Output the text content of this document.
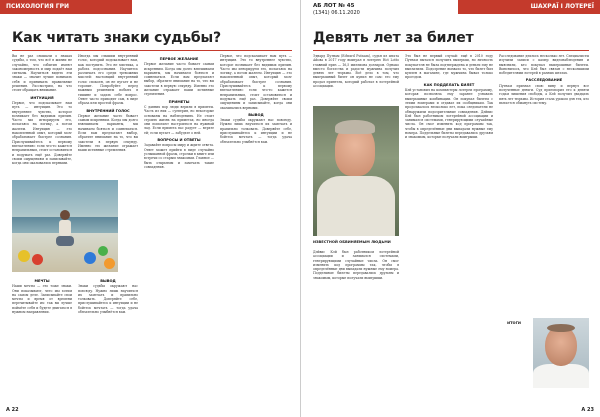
ПСИХОЛОГИЯ ГРИ
Как читать знаки судьбы?
Вы не раз слышали о знаках судьбы, о том, что всё в жизни не случайно, что события имеют закономерность и мир подаёт нам сигналы. Научиться видеть эти знаки — значит лучше понимать себя и принимать правильные решения. Рассмотрим, на что стоит обращать внимание.
ИНТУИЦИЯ
Первое, что подсказывает нам путь — интуиция. Это то внутреннее чувство, которое возникает без видимых причин. Часто мы игнорируем его, полагаясь на логику, а потом жалеем. Интуиция — это накопленный опыт, который мозг обрабатывает быстрее сознания. Прислушивайтесь к первому впечатлению: если что-то кажется неправильным, стоит остановиться и подумать ещё раз. Доверяйте своим ощущениям и записывайте, когда они оказывались верными.
Иногда мы слышим внутренний голос, который подсказывает нам, как поступить. Это не мистика, а работа подсознания. Научитесь различать его среди тревожных мыслей: настоящий внутренний голос спокоен, он не пугает и не торопит. Попробуйте перед важным решением побыть в тишине и задать себе вопрос. Ответ часто приходит сам, в виде образа или простой фразы.
ВНУТРЕННИЙ ГОЛОС
Первое желание часто бывает самым искренним. Когда мы долго взвешиваем варианты, мы начинаем бояться и сомневаться. Если вам предлагают выбор, обратите внимание на то, что вы захотели в первую секунду. Именно это желание отражает ваши истинные стремления.
МЕЧТЫ
Наши мечты — это тоже знаки. Они показывают, чего мы хотим на самом деле. Записывайте свои мечты и время от времени перечитывайте их: так вы лучше поймёте себя и будете двигаться в нужном направлении.
ВЫВОД
Знаки судьбы окружают нас повсюду. Нужно лишь научиться их замечать и правильно толковать. Доверяйте себе, прислушивайтесь к интуиции и не бойтесь мечтать — тогда удача обязательно улыбнётся вам.
ПЕРВОЕ ЖЕЛАНИЕ
Первое желание часто бывает самым искренним. Когда мы долго взвешиваем варианты, мы начинаем бояться и сомневаться. Если вам предлагают выбор, обратите внимание на то, что вы захотели в первую секунду. Именно это желание отражает ваши истинные стремления.
ПРИМЕТЫ
С давних пор люди верили в приметы. Часть из них — суеверия, но некоторые основаны на наблюдениях. Не стоит строить жизнь на приметах, но иногда они помогают настроиться на нужный лад. Если примета вас радует — верьте ей; если пугает — забудьте о ней.
ВОПРОСЫ И ОТВЕТЫ
Задавайте вопросы миру и ждите ответа. Ответ может прийти в виде случайно услышанной фразы, строчки в книге или встречи со старым знакомым. Главное — быть открытым и замечать такие совпадения.
Первое, что подсказывает нам путь — интуиция. Это то внутреннее чувство, которое возникает без видимых причин. Часто мы игнорируем его, полагаясь на логику, а потом жалеем. Интуиция — это накопленный опыт, который мозг обрабатывает быстрее сознания. Прислушивайтесь к первому впечатлению: если что-то кажется неправильным, стоит остановиться и подумать ещё раз. Доверяйте своим ощущениям и записывайте, когда они оказывались верными.
ВЫВОД
Знаки судьбы окружают нас повсюду. Нужно лишь научиться их замечать и правильно толковать. Доверяйте себе, прислушивайтесь к интуиции и не бойтесь мечтать — тогда удача обязательно улыбнётся вам.
А 22
АБ ЛОТ № 45
(1341) 06.11.2020
ШАХРАЇ І ЛОТЕРЕЇ
Девять лет за билет
Эдвард Путнам (Edward Putnam), судья из штата Айова в 2017 году выиграл в лотерею Hot Lotto главный приз — 16,5 миллиона долларов. Однако вместо богатства и радости мужчина получил девять лет тюрьмы. Всё дело в том, что выигрышный билет он купил не сам: его ему продал приятель, который работал в лотерейной ассоциации.
ИЗВЕСТНОЙ ОБВИНЯЕМЫМ ЛЮДЬМИ
Дэйвис Кэй был работником лотерейной ассоциации и занимался системами, генерирующими случайные числа. Он смог изменить код программы так, чтобы в определённые дни выпадали нужные ему номера. Поддельные билеты передавались друзьям и знакомым, которые получали выигрыши.
Это был не первый случай: ещё в 2010 году Путнам пытался получить выигрыш, но личность покупателя не была подтверждена и деньги ему не выплатили. Подозрение вызвало то, что билет был куплен в магазине, где мужчина бывал только проездом.
КАК ПОДДЕЛАТЬ БИЛЕТ
Кэй установил на компьютеры лотереи программу, которая позволяла ему заранее узнавать выигрышные комбинации. Он покупал билеты с этими номерами и отдавал их сообщникам. Так продолжалось несколько лет, пока следователи не обнаружили подозрительные совпадения. Дэйвис Кэй был работником лотерейной ассоциации и занимался системами, генерирующими случайные числа. Он смог изменить код программы так, чтобы в определённые дни выпадали нужные ему номера. Поддельные билеты передавались друзьям и знакомым, которые получали выигрыши.
Расследование длилось несколько лет. Специалисты изучили записи с камер видеонаблюдения и выяснили, кто покупал выигрышные билеты. Выяснилось, что Кэй был связан с несколькими победителями лотерей в разных штатах.
РАССЛЕДОВАНИЕ
Путнам признал свою вину и вернул все полученные деньги. Суд приговорил его к девяти годам лишения свободы, а Кэй получил двадцать пять лет тюрьмы. История стала уроком для тех, кто пытается обмануть систему.
ИТОГИ
А 23
